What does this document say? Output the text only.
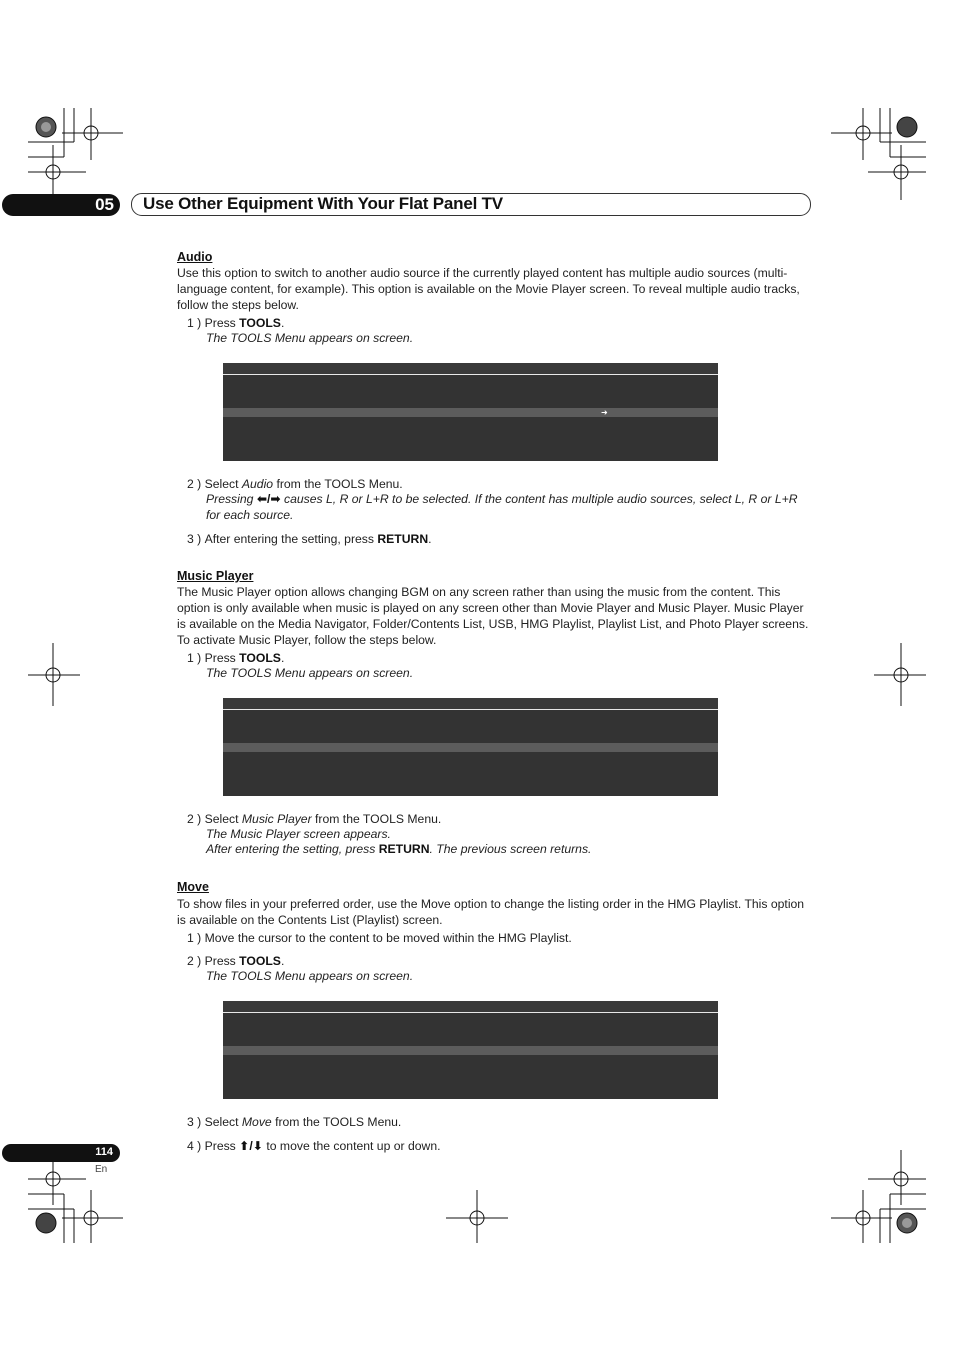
05 Use Other Equipment With Your Flat Panel TV
Audio
Use this option to switch to another audio source if the currently played content has multiple audio sources (multi-language content, for example). This option is available on the Movie Player screen. To reveal multiple audio tracks, follow the steps below.
1 ) Press TOOLS.
The TOOLS Menu appears on screen.
➜
2 ) Select Audio from the TOOLS Menu.
Pressing ⬅/➡ causes L, R or L+R to be selected. If the content has multiple audio sources, select L, R or L+R for each source.
3 ) After entering the setting, press RETURN.
Music Player
The Music Player option allows changing BGM on any screen rather than using the music from the content. This option is only available when music is played on any screen other than Movie Player and Music Player. Music Player is available on the Media Navigator, Folder/Contents List, USB, HMG Playlist, Playlist List, and Photo Player screens. To activate Music Player, follow the steps below.
1 ) Press TOOLS.
The TOOLS Menu appears on screen.
2 ) Select Music Player from the TOOLS Menu.
The Music Player screen appears.
After entering the setting, press RETURN. The previous screen returns.
Move
To show files in your preferred order, use the Move option to change the listing order in the HMG Playlist. This option is available on the Contents List (Playlist) screen.
1 ) Move the cursor to the content to be moved within the HMG Playlist.
2 ) Press TOOLS.
The TOOLS Menu appears on screen.
3 ) Select Move from the TOOLS Menu.
4 ) Press ⬆/⬇ to move the content up or down.
114
En
